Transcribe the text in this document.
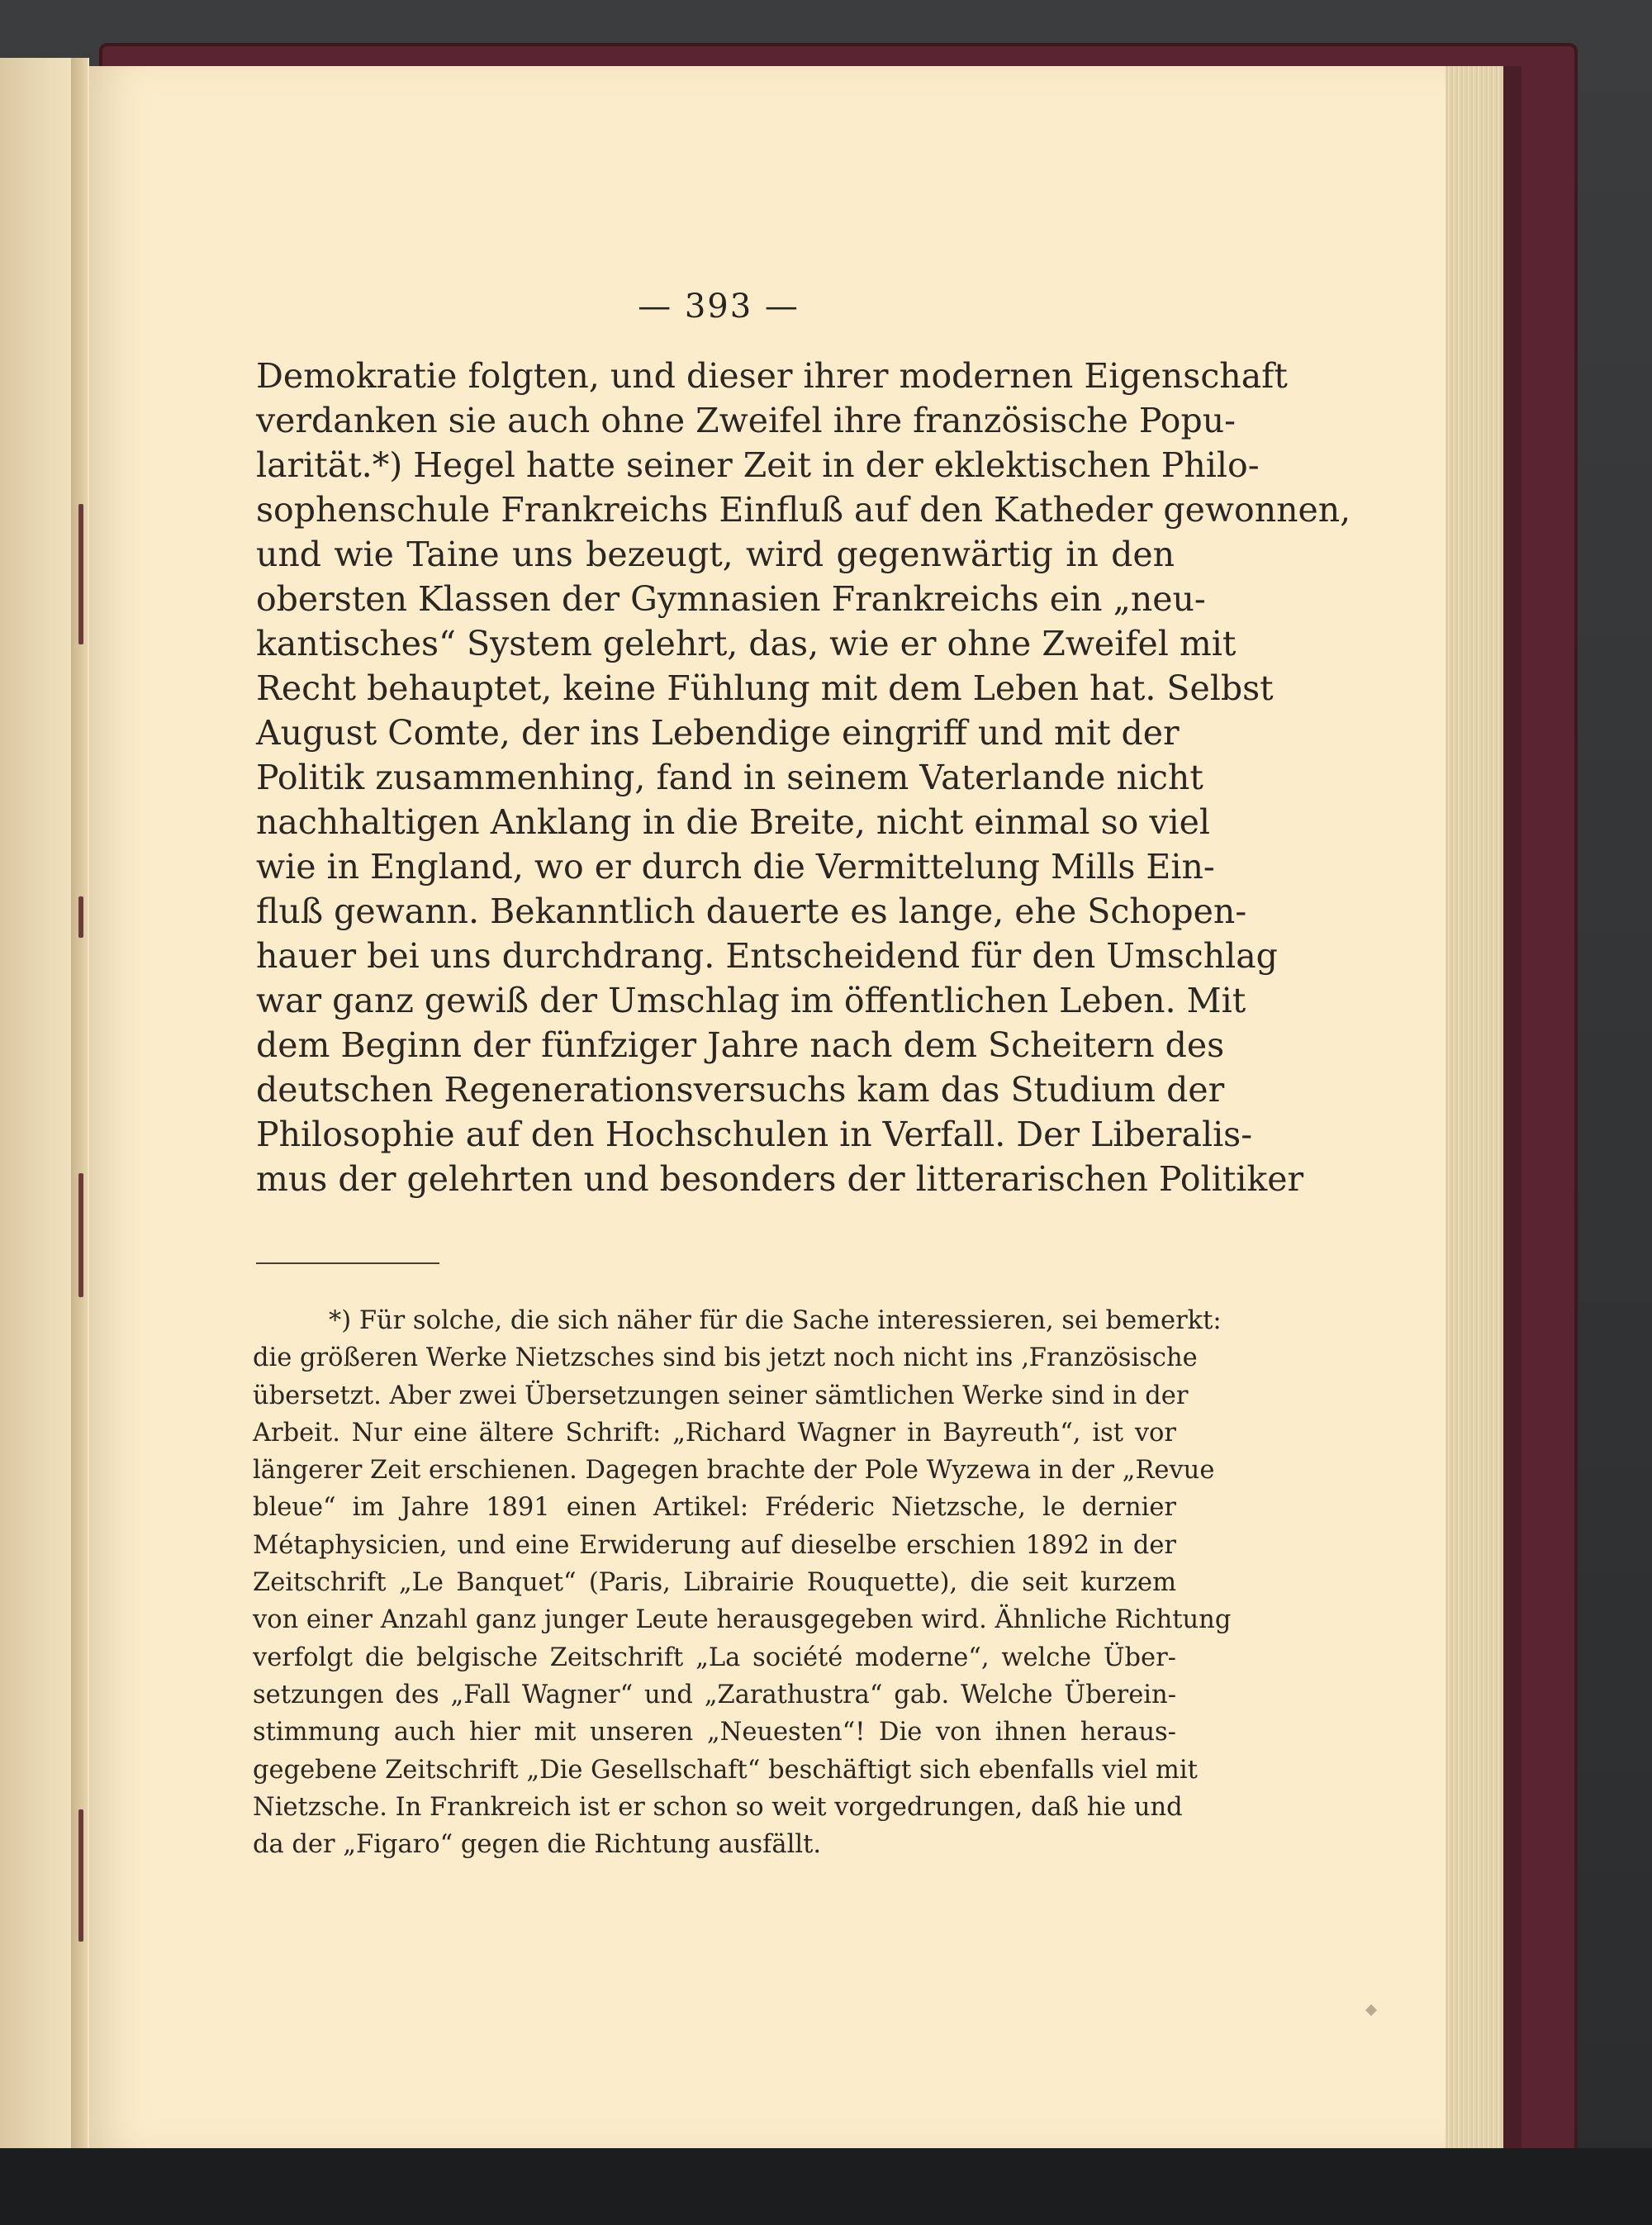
— 393 —
Demokratie folgten, und dieser ihrer modernen Eigenschaft
verdanken sie auch ohne Zweifel ihre französische Popu-
larität.*) Hegel hatte seiner Zeit in der eklektischen Philo-
sophenschule Frankreichs Einfluß auf den Katheder gewonnen,
und wie Taine uns bezeugt, wird gegenwärtig in den
obersten Klassen der Gymnasien Frankreichs ein „neu-
kantisches“ System gelehrt, das, wie er ohne Zweifel mit
Recht behauptet, keine Fühlung mit dem Leben hat. Selbst
August Comte, der ins Lebendige eingriff und mit der
Politik zusammenhing, fand in seinem Vaterlande nicht
nachhaltigen Anklang in die Breite, nicht einmal so viel
wie in England, wo er durch die Vermittelung Mills Ein-
fluß gewann. Bekanntlich dauerte es lange, ehe Schopen-
hauer bei uns durchdrang. Entscheidend für den Umschlag
war ganz gewiß der Umschlag im öffentlichen Leben. Mit
dem Beginn der fünfziger Jahre nach dem Scheitern des
deutschen Regenerationsversuchs kam das Studium der
Philosophie auf den Hochschulen in Verfall. Der Liberalis-
mus der gelehrten und besonders der litterarischen Politiker
*) Für solche, die sich näher für die Sache interessieren, sei bemerkt:
die größeren Werke Nietzsches sind bis jetzt noch nicht ins ‚Französische
übersetzt. Aber zwei Übersetzungen seiner sämtlichen Werke sind in der
Arbeit. Nur eine ältere Schrift: „Richard Wagner in Bayreuth“, ist vor
längerer Zeit erschienen. Dagegen brachte der Pole Wyzewa in der „Revue
bleue“ im Jahre 1891 einen Artikel: Fréderic Nietzsche, le dernier
Métaphysicien, und eine Erwiderung auf dieselbe erschien 1892 in der
Zeitschrift „Le Banquet“ (Paris, Librairie Rouquette), die seit kurzem
von einer Anzahl ganz junger Leute herausgegeben wird. Ähnliche Richtung
verfolgt die belgische Zeitschrift „La société moderne“, welche Über-
setzungen des „Fall Wagner“ und „Zarathustra“ gab. Welche Überein-
stimmung auch hier mit unseren „Neuesten“! Die von ihnen heraus-
gegebene Zeitschrift „Die Gesellschaft“ beschäftigt sich ebenfalls viel mit
Nietzsche. In Frankreich ist er schon so weit vorgedrungen, daß hie und
da der „Figaro“ gegen die Richtung ausfällt.
